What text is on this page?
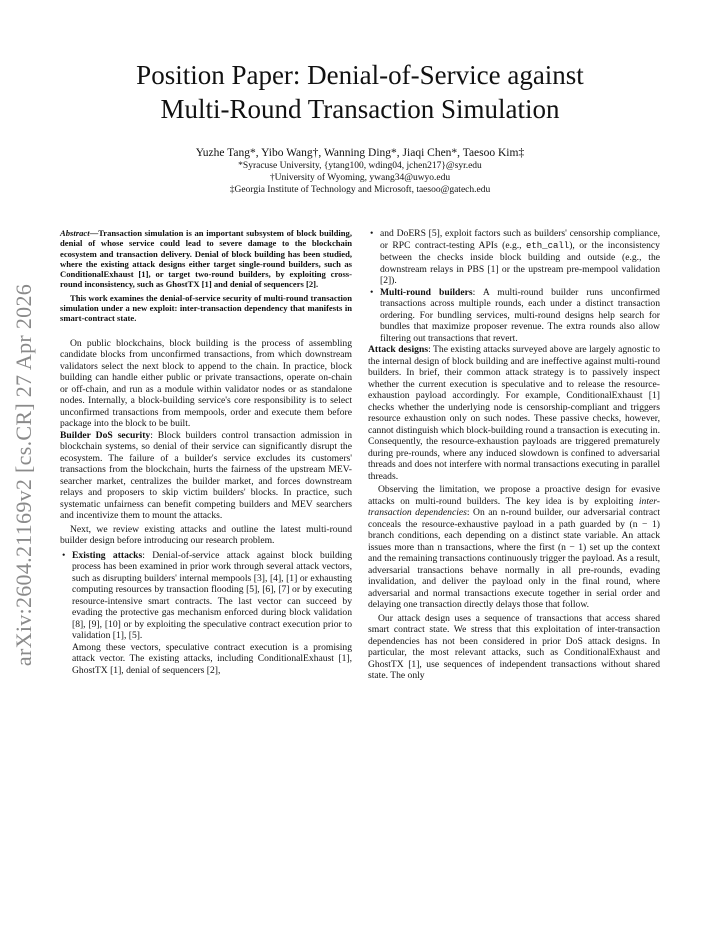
arXiv:2604.21169v2 [cs.CR] 27 Apr 2026
Position Paper: Denial-of-Service against
Multi-Round Transaction Simulation
Yuzhe Tang*, Yibo Wang†, Wanning Ding*, Jiaqi Chen*, Taesoo Kim‡
*Syracuse University, {ytang100, wding04, jchen217}@syr.edu
†University of Wyoming, ywang34@uwyo.edu
‡Georgia Institute of Technology and Microsoft, taesoo@gatech.edu

Abstract—Transaction simulation is an important subsystem of block building, denial of whose service could lead to severe damage to the blockchain ecosystem and transaction delivery. Denial of block building has been studied, where the existing attack designs either target single-round builders, such as ConditionalExhaust [1], or target two-round builders, by exploiting cross-round inconsistency, such as GhostTX [1] and denial of sequencers [2].

This work examines the denial-of-service security of multi-round transaction simulation under a new exploit: inter-transaction dependency that manifests in smart-contract state.

On public blockchains, block building is the process of assembling candidate blocks from unconfirmed transactions, from which downstream validators select the next block to append to the chain. In practice, block building can handle either public or private transactions, operate on-chain or off-chain, and run as a module within validator nodes or as standalone nodes. Internally, a block-building service's core responsibility is to select unconfirmed transactions from mempools, order and execute them before package into the block to be built.

Builder DoS security: Block builders control transaction admission in blockchain systems, so denial of their service can significantly disrupt the ecosystem. The failure of a builder's service excludes its customers' transactions from the blockchain, hurts the fairness of the upstream MEV-searcher market, centralizes the builder market, and forces downstream relays and proposers to skip victim builders' blocks. In practice, such systematic unfairness can benefit competing builders and MEV searchers and incentivize them to mount the attacks.

Next, we review existing attacks and outline the latest multi-round builder design before introducing our research problem.

• Existing attacks: Denial-of-service attack against block building process has been examined in prior work through several attack vectors, such as disrupting builders' internal mempools [3], [4], [1] or exhausting computing resources by transaction flooding [5], [6], [7] or by executing resource-intensive smart contracts. The last vector can succeed by evading the protective gas mechanism enforced during block validation [8], [9], [10] or by exploiting the speculative contract execution prior to validation [1], [5].

Among these vectors, speculative contract execution is a promising attack vector. The existing attacks, including ConditionalExhaust [1], GhostTX [1], denial of sequencers [2],

• and DoERS [5], exploit factors such as builders' censorship compliance, or RPC contract-testing APIs (e.g., eth_call), or the inconsistency between the checks inside block building and outside (e.g., the downstream relays in PBS [1] or the upstream pre-mempool validation [2]).

• Multi-round builders: A multi-round builder runs unconfirmed transactions across multiple rounds, each under a distinct transaction ordering. For bundling services, multi-round designs help search for bundles that maximize proposer revenue. The extra rounds also allow filtering out transactions that revert.

Attack designs: The existing attacks surveyed above are largely agnostic to the internal design of block building and are ineffective against multi-round builders. In brief, their common attack strategy is to passively inspect whether the current execution is speculative and to release the resource-exhaustion payload accordingly. For example, ConditionalExhaust [1] checks whether the underlying node is censorship-compliant and triggers resource exhaustion only on such nodes. These passive checks, however, cannot distinguish which block-building round a transaction is executing in. Consequently, the resource-exhaustion payloads are triggered prematurely during pre-rounds, where any induced slowdown is confined to adversarial threads and does not interfere with normal transactions executing in parallel threads.

Observing the limitation, we propose a proactive design for evasive attacks on multi-round builders. The key idea is by exploiting inter-transaction dependencies: On an n-round builder, our adversarial contract conceals the resource-exhaustive payload in a path guarded by (n − 1) branch conditions, each depending on a distinct state variable. An attack issues more than n transactions, where the first (n − 1) set up the context and the remaining transactions continuously trigger the payload. As a result, adversarial transactions behave normally in all pre-rounds, evading invalidation, and deliver the payload only in the final round, where adversarial and normal transactions execute together in serial order and delaying one transaction directly delays those that follow.

Our attack design uses a sequence of transactions that access shared smart contract state. We stress that this exploitation of inter-transaction dependencies has not been considered in prior DoS attack designs. In particular, the most relevant attacks, such as ConditionalExhaust and GhostTX [1], use sequences of independent transactions without shared state. The only
